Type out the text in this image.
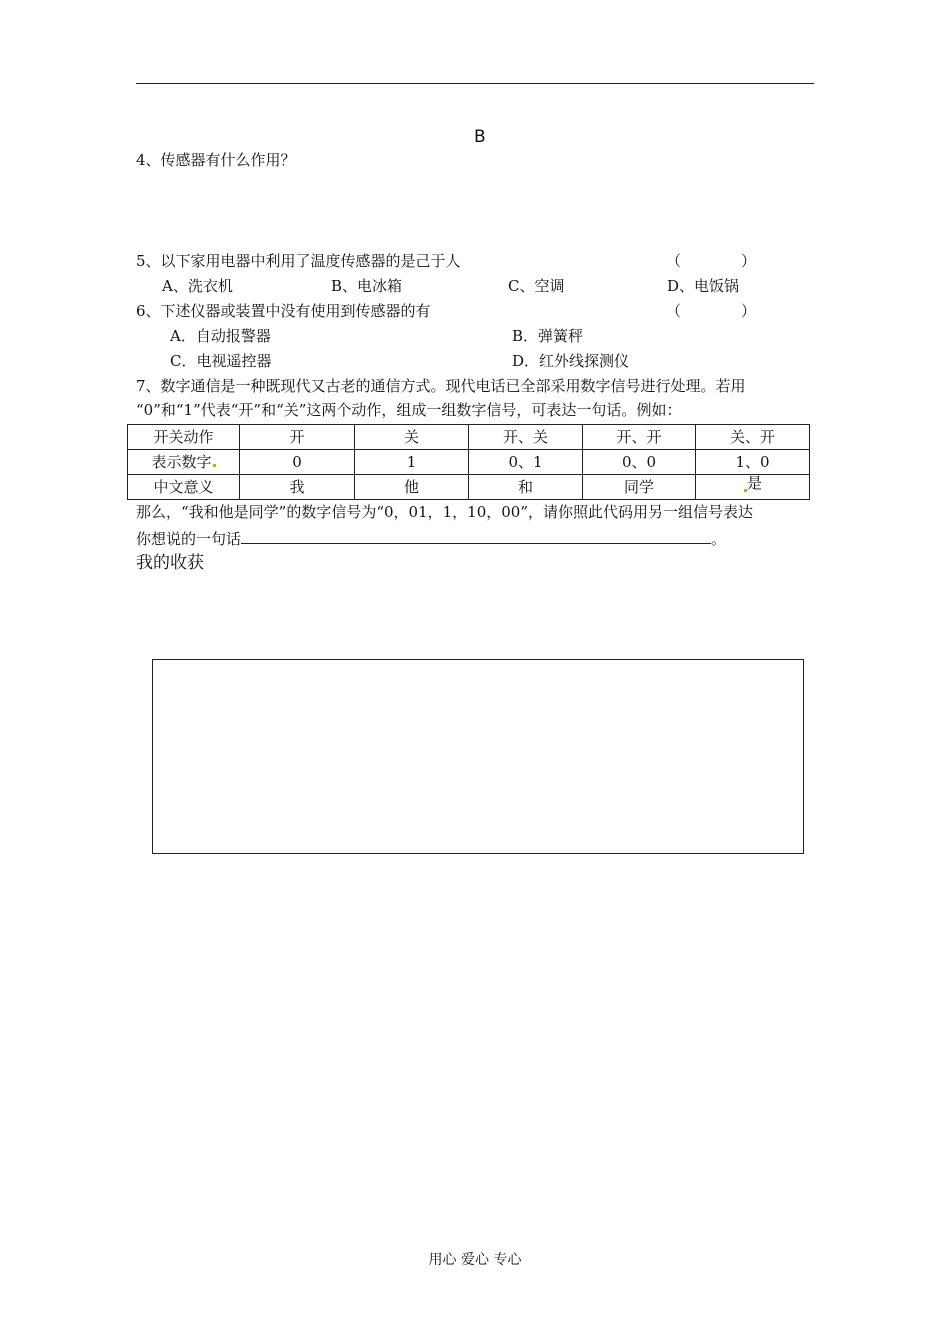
B
4、传感器有什么作用？
5、以下家用电器中利用了温度传感器的是己于人	（　　　　）
A、洗衣机	B、电冰箱	C、空调	D、电饭锅
6、下述仪器或装置中没有使用到传感器的有	（　　　　）
A．自动报警器	B．弹簧秤
C．电视遥控器	D．红外线探测仪
7、数字通信是一种既现代又古老的通信方式。现代电话已全部采用数字信号进行处理。若用
“0”和“1”代表“开”和“关”这两个动作，组成一组数字信号，可表达一句话。例如：
开关动作	开	关	开、关	开、开	关、开
表示数字	0	1	0、1	0、0	1、0
中文意义	我	他	和	同学	是
那么，“我和他是同学”的数字信号为“0，01，1，10，00”，请你照此代码用另一组信号表达
你想说的一句话	。
我的收获
用心 爱心 专心
